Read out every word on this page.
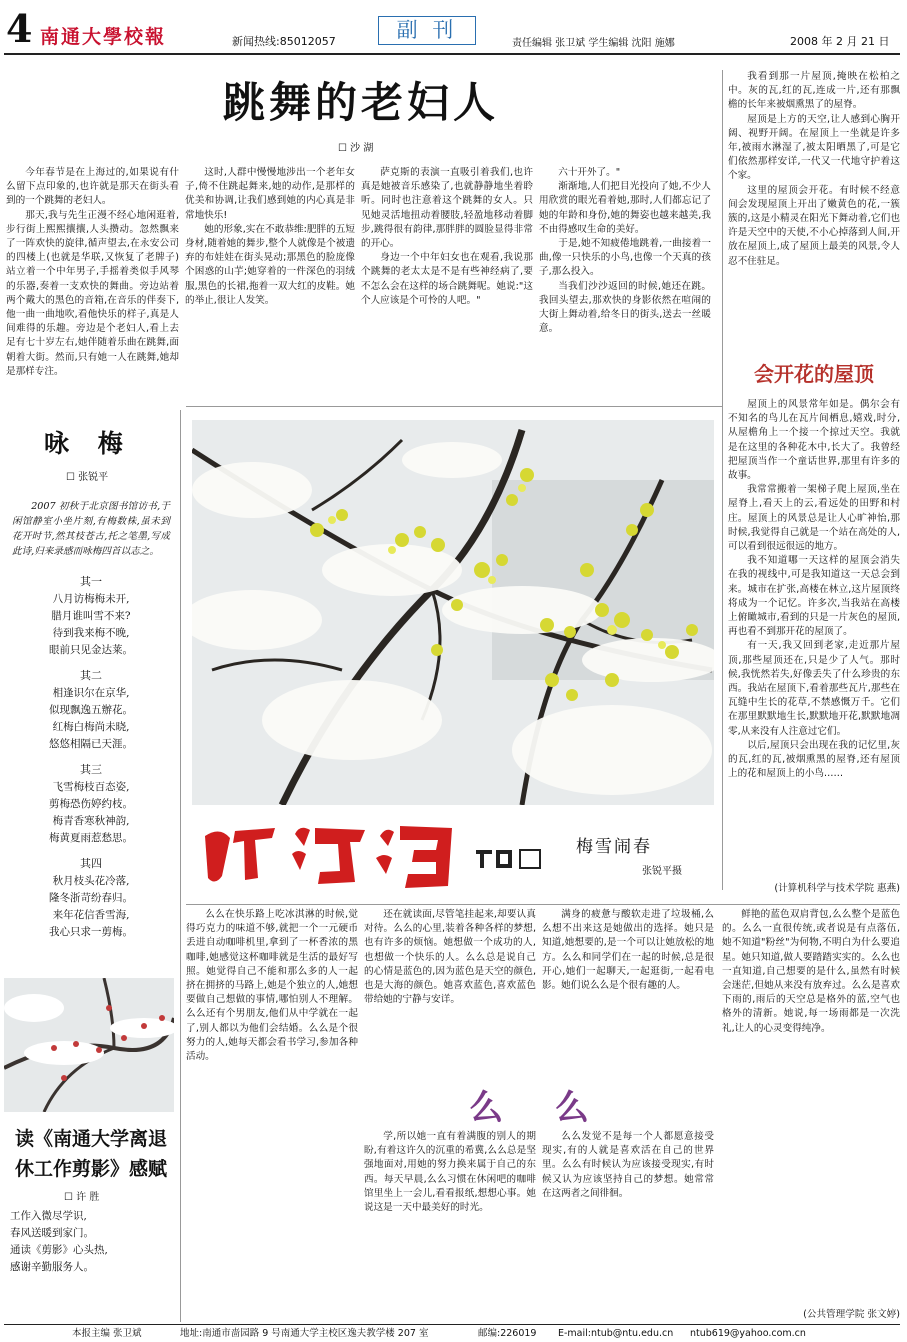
4 南通大學校報	新闻热线:85012057	副 刊
责任编辑 张卫斌 学生编辑 沈阳 施娜	2008 年 2 月 21 日
跳舞的老妇人
☐ 沙 湖

今年春节是在上海过的,如果说有什么留下点印象的,也许就是那天在街头看到的一个跳舞的老妇人。

那天,我与先生正漫不经心地闲逛着,步行街上熙熙攘攘,人头攒动。忽然飘来了一阵欢快的旋律,循声望去,在永安公司的四楼上(也就是华联,又恢复了老牌子)站立着一个中年男子,手摇着类似手风琴的乐器,奏着一支欢快的舞曲。旁边站着两个戴大的黑色的音箱,在音乐的伴奏下,他一曲一曲地吹,看他快乐的样子,真是人间难得的乐趣。旁边是个老妇人,看上去足有七十岁左右,她伴随着乐曲在跳舞,面朝着大街。然而,只有她一人在跳舞,她却是那样专注。

这时,人群中慢慢地涉出一个老年女子,倚不住跳起舞来,她的动作,是那样的优美和协调,让我们感到她的内心真是非常地快乐!

她的形象,实在不敢恭维:肥胖的五短身材,随着她的舞步,整个人就像是个被遗弃的布娃娃在街头晃动;那黑色的脸庞像个困惑的山芋;她穿着的一件深色的羽绒服,黑色的长裙,拖着一双大红的皮鞋。她的举止,很让人发笑。

萨克斯的表演一直吸引着我们,也许真是她被音乐感染了,也就静静地坐着聆听。同时也注意着这个跳舞的女人。只见她灵活地扭动着腰肢,轻盈地移动着脚步,跳得很有韵律,那胖胖的圆脸显得非常的开心。

身边一个中年妇女也在观看,我说那个跳舞的老太太是不是有些神经病了,要不怎么会在这样的场合跳舞呢。她说:"这个人应该是个可怜的人吧。"

六十开外了。"

渐渐地,人们把目光投向了她,不少人用欣赏的眼光看着她,那时,人们都忘记了她的年龄和身份,她的舞姿也越来越美,我不由得感叹生命的美好。

于是,她不知疲倦地跳着,一曲接着一曲,像一只快乐的小鸟,也像一个天真的孩子,那么投入。

当我们沙沙返回的时候,她还在跳。我回头望去,那欢快的身影依然在喧闹的大街上舞动着,给冬日的街头,送去一丝暖意。

我看到那一片屋顶,掩映在松柏之中。灰的瓦,红的瓦,连成一片,还有那飘檐的长年来被烟熏黑了的屋脊。

屋顶是上方的天空,让人感到心胸开阔、视野开阔。在屋顶上一坐就是许多年,被雨水淋湿了,被太阳晒黑了,可是它们依然那样安详,一代又一代地守护着这个家。

这里的屋顶会开花。有时候不经意间会发现屋顶上开出了嫩黄色的花,一簇簇的,这是小精灵在阳光下舞动着,它们也许是天空中的天使,不小心掉落到人间,开放在屋顶上,成了屋顶上最美的风景,令人忍不住驻足。

会开花的屋顶

屋顶上的风景常年如是。偶尔会有不知名的鸟儿在瓦片间栖息,嬉戏,时分,从屋檐角上一个接一个掠过天空。我就是在这里的各种花木中,长大了。我曾经把屋顶当作一个童话世界,那里有许多的故事。

我常常搬着一架梯子爬上屋顶,坐在屋脊上,看天上的云,看远处的田野和村庄。屋顶上的风景总是让人心旷神怡,那时候,我觉得自己就是一个站在高处的人,可以看到很远很远的地方。

我不知道哪一天这样的屋顶会消失在我的视线中,可是我知道这一天总会到来。城市在扩张,高楼在林立,这片屋顶终将成为一个记忆。许多次,当我站在高楼上俯瞰城市,看到的只是一片灰色的屋顶,再也看不到那开花的屋顶了。

有一天,我又回到老家,走近那片屋顶,那些屋顶还在,只是少了人气。那时候,我恍然若失,好像丢失了什么珍贵的东西。我站在屋顶下,看着那些瓦片,那些在瓦缝中生长的花草,不禁感慨万千。它们在那里默默地生长,默默地开花,默默地凋零,从来没有人注意过它们。

以后,屋顶只会出现在我的记忆里,灰的瓦,红的瓦,被烟熏黑的屋脊,还有屋顶上的花和屋顶上的小鸟……

(计算机科学与技术学院 惠燕)
咏 梅
☐ 张锐平

2007 初秋于北京图书馆访书,于闲馆静室小坐片刻,有梅数株,虽未到花开时节,然其枝苍古,托之笔墨,写成此诗,归来录感而咏梅四首以志之。

其一

八月访梅梅未开,

腊月谁叫雪不来?

待到我来梅不晚,

眼前只见金达莱。

其二

相逢识尔在京华,

似现飘逸五辦花。

红梅白梅尚未晓,

悠悠相隔已天涯。

其三

飞雪梅枝百态姿,

剪梅恐伤婷约枝。

梅青香寒秋神韵,

梅黄夏雨惹愁思。

其四

秋月枝头花冷落,

隆冬浙苛纷春归。

来年花信香雪海,

我心只求一剪梅。

梅雪闹春
张锐平摄
读《南通大学离退休工作剪影》感赋
☐ 许 胜

工作入微尽学识,

春风送暖到家门。

通读《剪影》心头热,

感谢辛勤服务人。

么么在快乐路上吃冰淇淋的时候,觉得巧克力的味道不够,就把一个一元硬币丢进自动咖啡机里,拿到了一杯香浓的黑咖啡,她感觉这杯咖啡就是生活的最好写照。她觉得自己不能和那么多的人一起挤在拥挤的马路上,她是个独立的人,她想要做自己想做的事情,哪怕别人不理解。么么还有个男朋友,他们从中学就在一起了,别人都以为他们会结婚。么么是个很努力的人,她每天都会看书学习,参加各种活动。

还在就读面,尽管笔挂起来,却要认真对待。么么的心里,装着各种各样的梦想,也有许多的烦恼。她想做一个成功的人,也想做一个快乐的人。么么总是说自己的心情是蓝色的,因为蓝色是天空的颜色,也是大海的颜色。她喜欢蓝色,喜欢蓝色带给她的宁静与安详。

满身的疲惫与酸软走进了垃圾桶,么么想不出来这是她做出的选择。她只是知道,她想要的,是一个可以让她放松的地方。么么和同学们在一起的时候,总是很开心,她们一起聊天,一起逛街,一起看电影。她们说么么是个很有趣的人。

么 么

学,所以她一直有着满腹的别人的期盼,有着这许久的沉重的希冀,么么总是坚强地面对,用她的努力换来属于自己的东西。每天早晨,么么习惯在休闲吧的咖啡馆里坐上一会儿,看看报纸,想想心事。她说这是一天中最美好的时光。

么么发觉不是每一个人都愿意接受现实,有的人就是喜欢活在自己的世界里。么么有时候认为应该接受现实,有时候又认为应该坚持自己的梦想。她常常在这两者之间徘徊。

鲜艳的蓝色双肩背包,么么整个是蓝色的。么么一直很传统,或者说是有点落伍,她不知道"粉丝"为何物,不明白为什么要追星。她只知道,做人要踏踏实实的。么么也一直知道,自己想要的是什么,虽然有时候会迷茫,但她从来没有放弃过。么么是喜欢下雨的,雨后的天空总是格外的蓝,空气也格外的清新。她说,每一场雨都是一次洗礼,让人的心灵变得纯净。

(公共管理学院 张文婷)
本报主编 张卫斌	地址:南通市啬园路 9 号南通大学主校区逸夫教学楼 207 室	邮编:226019 E-mail:ntub@ntu.edu.cn ntub619@yahoo.com.cn
